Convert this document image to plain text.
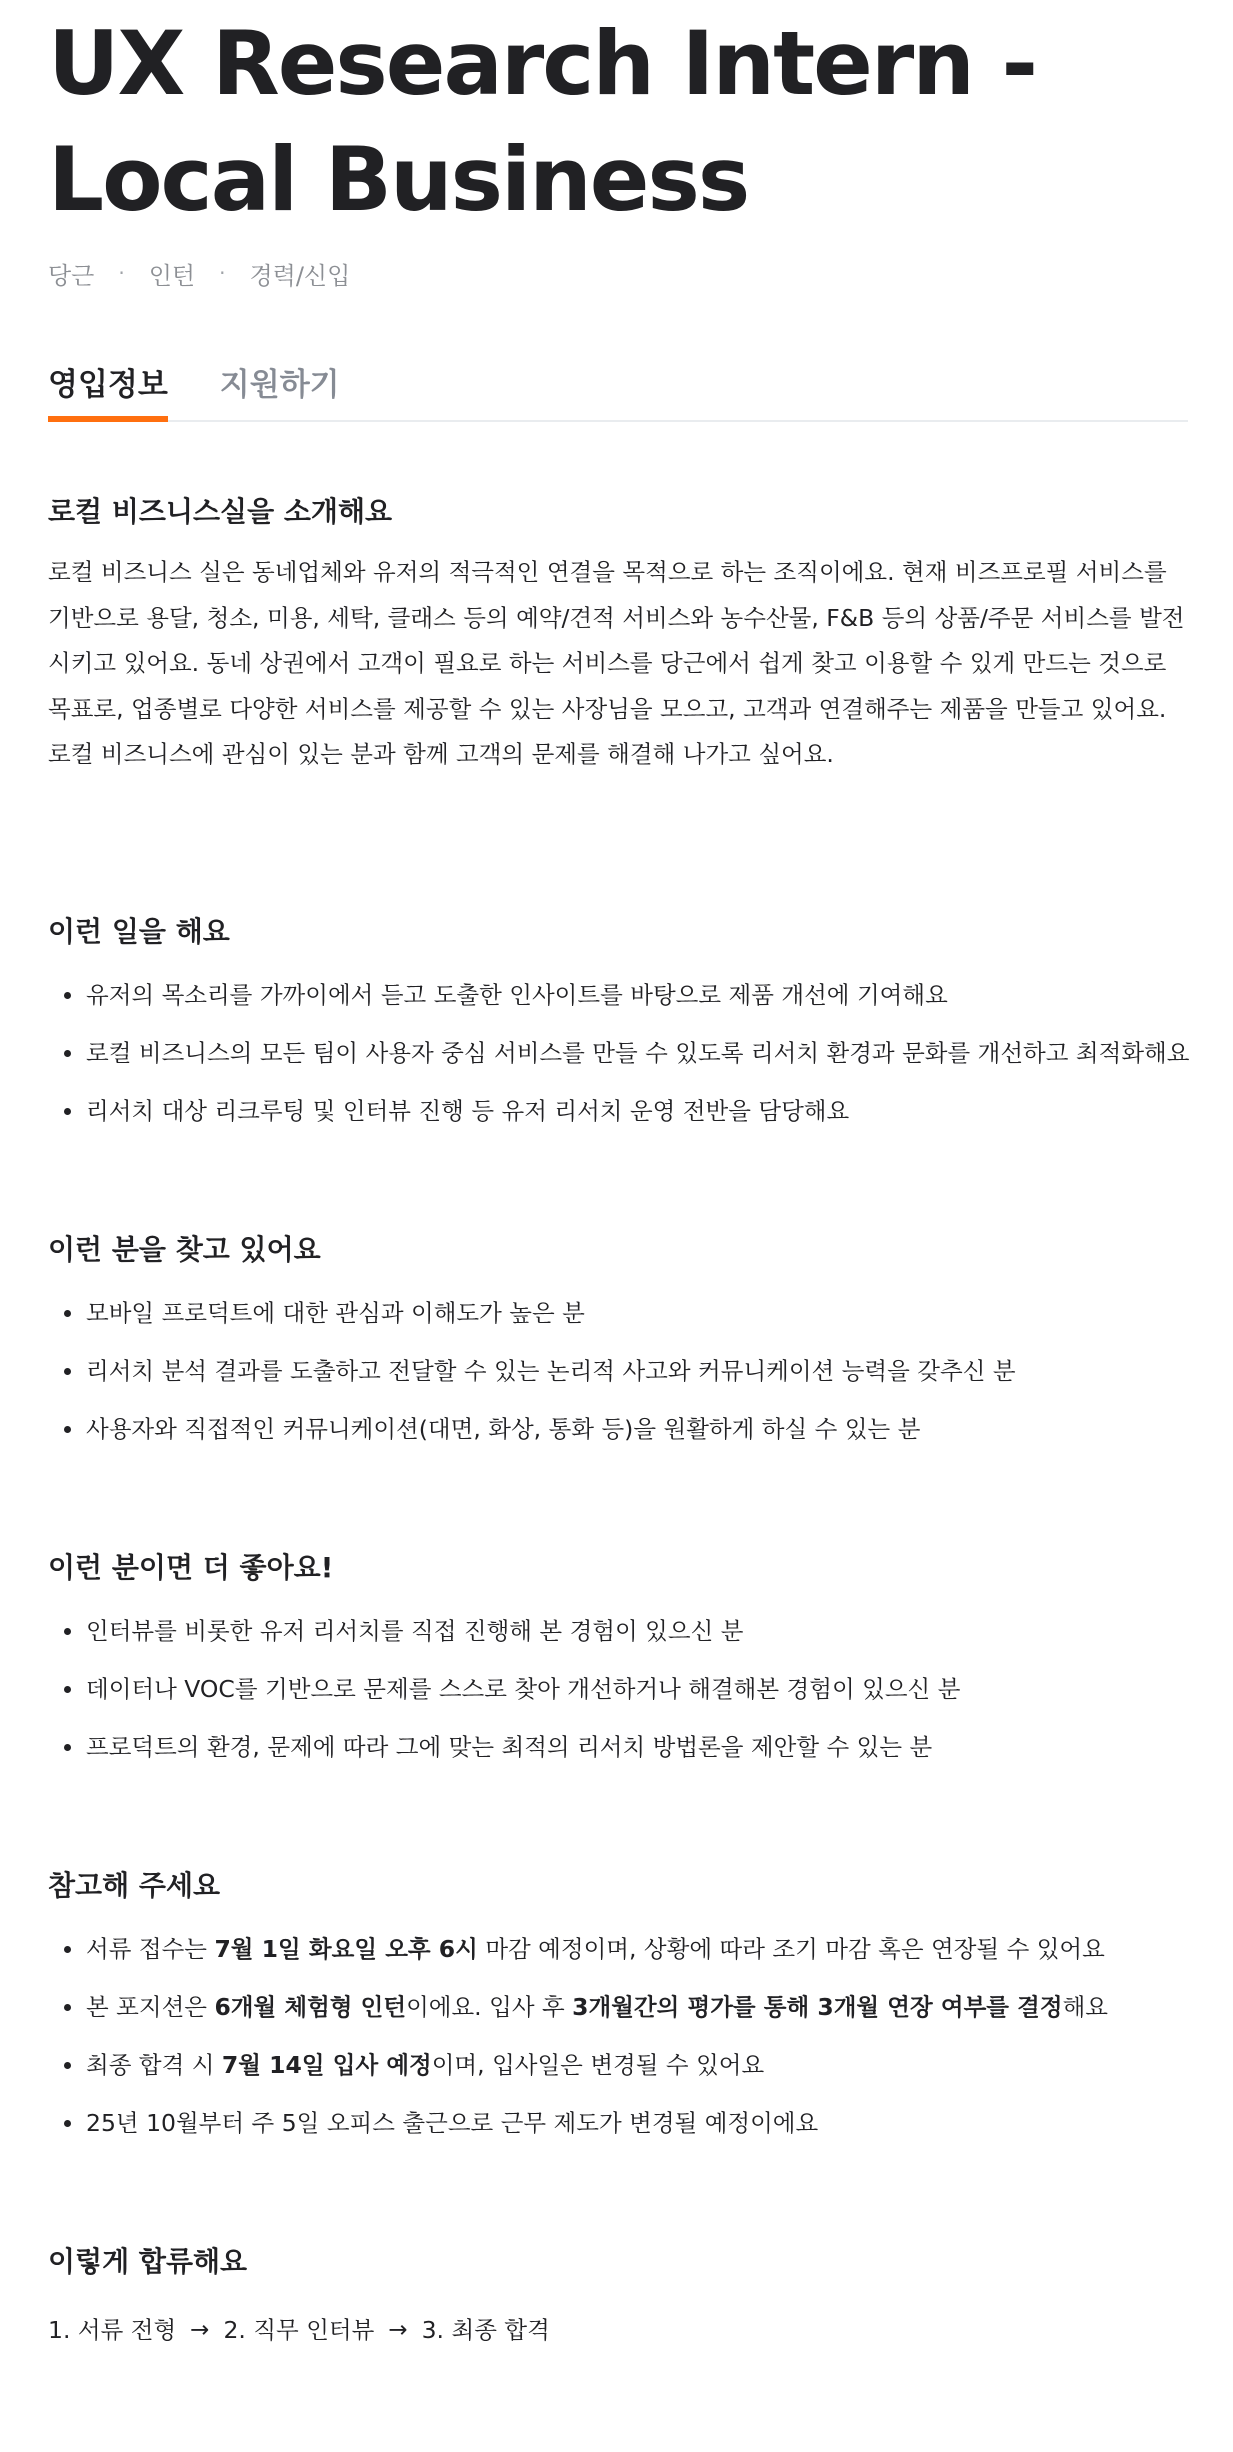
UX Research Intern - Local Business
당근 · 인턴 · 경력/신입
영입정보 지원하기
로컬 비즈니스실을 소개해요

로컬 비즈니스 실은 동네업체와 유저의 적극적인 연결을 목적으로 하는 조직이에요. 현재 비즈프로필 서비스를 기반으로 용달, 청소, 미용, 세탁, 클래스 등의 예약/견적 서비스와 농수산물, F&B 등의 상품/주문 서비스를 발전시키고 있어요. 동네 상권에서 고객이 필요로 하는 서비스를 당근에서 쉽게 찾고 이용할 수 있게 만드는 것으로 목표로, 업종별로 다양한 서비스를 제공할 수 있는 사장님을 모으고, 고객과 연결해주는 제품을 만들고 있어요. 로컬 비즈니스에 관심이 있는 분과 함께 고객의 문제를 해결해 나가고 싶어요.

이런 일을 해요
유저의 목소리를 가까이에서 듣고 도출한 인사이트를 바탕으로 제품 개선에 기여해요
로컬 비즈니스의 모든 팀이 사용자 중심 서비스를 만들 수 있도록 리서치 환경과 문화를 개선하고 최적화해요
리서치 대상 리크루팅 및 인터뷰 진행 등 유저 리서치 운영 전반을 담당해요
이런 분을 찾고 있어요
모바일 프로덕트에 대한 관심과 이해도가 높은 분
리서치 분석 결과를 도출하고 전달할 수 있는 논리적 사고와 커뮤니케이션 능력을 갖추신 분
사용자와 직접적인 커뮤니케이션(대면, 화상, 통화 등)을 원활하게 하실 수 있는 분
이런 분이면 더 좋아요!
인터뷰를 비롯한 유저 리서치를 직접 진행해 본 경험이 있으신 분
데이터나 VOC를 기반으로 문제를 스스로 찾아 개선하거나 해결해본 경험이 있으신 분
프로덕트의 환경, 문제에 따라 그에 맞는 최적의 리서치 방법론을 제안할 수 있는 분
참고해 주세요
서류 접수는 7월 1일 화요일 오후 6시 마감 예정이며, 상황에 따라 조기 마감 혹은 연장될 수 있어요
본 포지션은 6개월 체험형 인턴이에요. 입사 후 3개월간의 평가를 통해 3개월 연장 여부를 결정해요
최종 합격 시 7월 14일 입사 예정이며, 입사일은 변경될 수 있어요
25년 10월부터 주 5일 오피스 출근으로 근무 제도가 변경될 예정이에요
이렇게 합류해요
1. 서류 전형 → 2. 직무 인터뷰 → 3. 최종 합격
